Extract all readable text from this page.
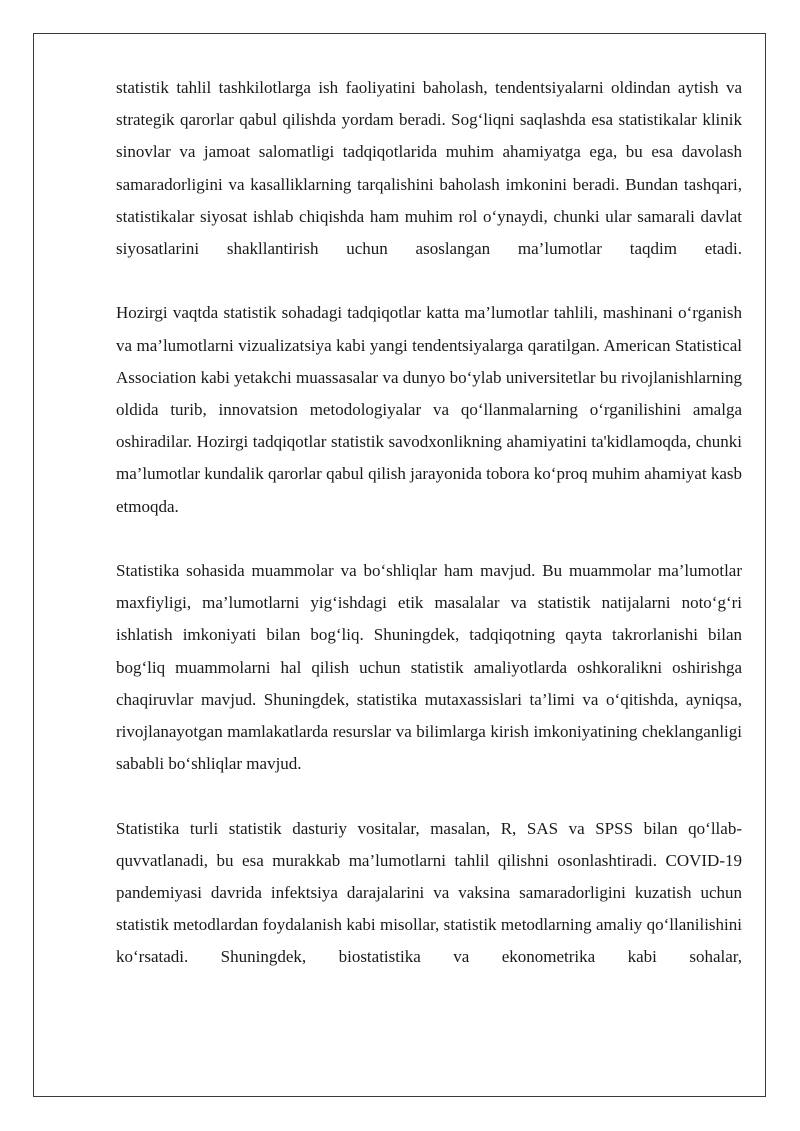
statistik tahlil tashkilotlarga ish faoliyatini baholash, tendentsiyalarni oldindan aytish va strategik qarorlar qabul qilishda yordam beradi. Sog‘liqni saqlashda esa statistikalar klinik sinovlar va jamoat salomatligi tadqiqotlarida muhim ahamiyatga ega, bu esa davolash samaradorligini va kasalliklarning tarqalishini baholash imkonini beradi. Bundan tashqari, statistikalar siyosat ishlab chiqishda ham muhim rol o‘ynaydi, chunki ular samarali davlat siyosatlarini shakllantirish uchun asoslangan ma’lumotlar taqdim etadi.

Hozirgi vaqtda statistik sohadagi tadqiqotlar katta ma’lumotlar tahlili, mashinani o‘rganish va ma’lumotlarni vizualizatsiya kabi yangi tendentsiyalarga qaratilgan. American Statistical Association kabi yetakchi muassasalar va dunyo bo‘ylab universitetlar bu rivojlanishlarning oldida turib, innovatsion metodologiyalar va qo‘llanmalarning o‘rganilishini amalga oshiradilar. Hozirgi tadqiqotlar statistik savodxonlikning ahamiyatini ta'kidlamoqda, chunki ma’lumotlar kundalik qarorlar qabul qilish jarayonida tobora ko‘proq muhim ahamiyat kasb etmoqda.

Statistika sohasida muammolar va bo‘shliqlar ham mavjud. Bu muammolar ma’lumotlar maxfiyligi, ma’lumotlarni yig‘ishdagi etik masalalar va statistik natijalarni noto‘g‘ri ishlatish imkoniyati bilan bog‘liq. Shuningdek, tadqiqotning qayta takrorlanishi bilan bog‘liq muammolarni hal qilish uchun statistik amaliyotlarda oshkoralikni oshirishga chaqiruvlar mavjud. Shuningdek, statistika mutaxassislari ta’limi va o‘qitishda, ayniqsa, rivojlanayotgan mamlakatlarda resurslar va bilimlarga kirish imkoniyatining cheklanganligi sababli bo‘shliqlar mavjud.

Statistika turli statistik dasturiy vositalar, masalan, R, SAS va SPSS bilan qo‘llab-quvvatlanadi, bu esa murakkab ma’lumotlarni tahlil qilishni osonlashtiradi. COVID-19 pandemiyasi davrida infektsiya darajalarini va vaksina samaradorligini kuzatish uchun statistik metodlardan foydalanish kabi misollar, statistik metodlarning amaliy qo‘llanilishini ko‘rsatadi. Shuningdek, biostatistika va ekonometrika kabi sohalar,
